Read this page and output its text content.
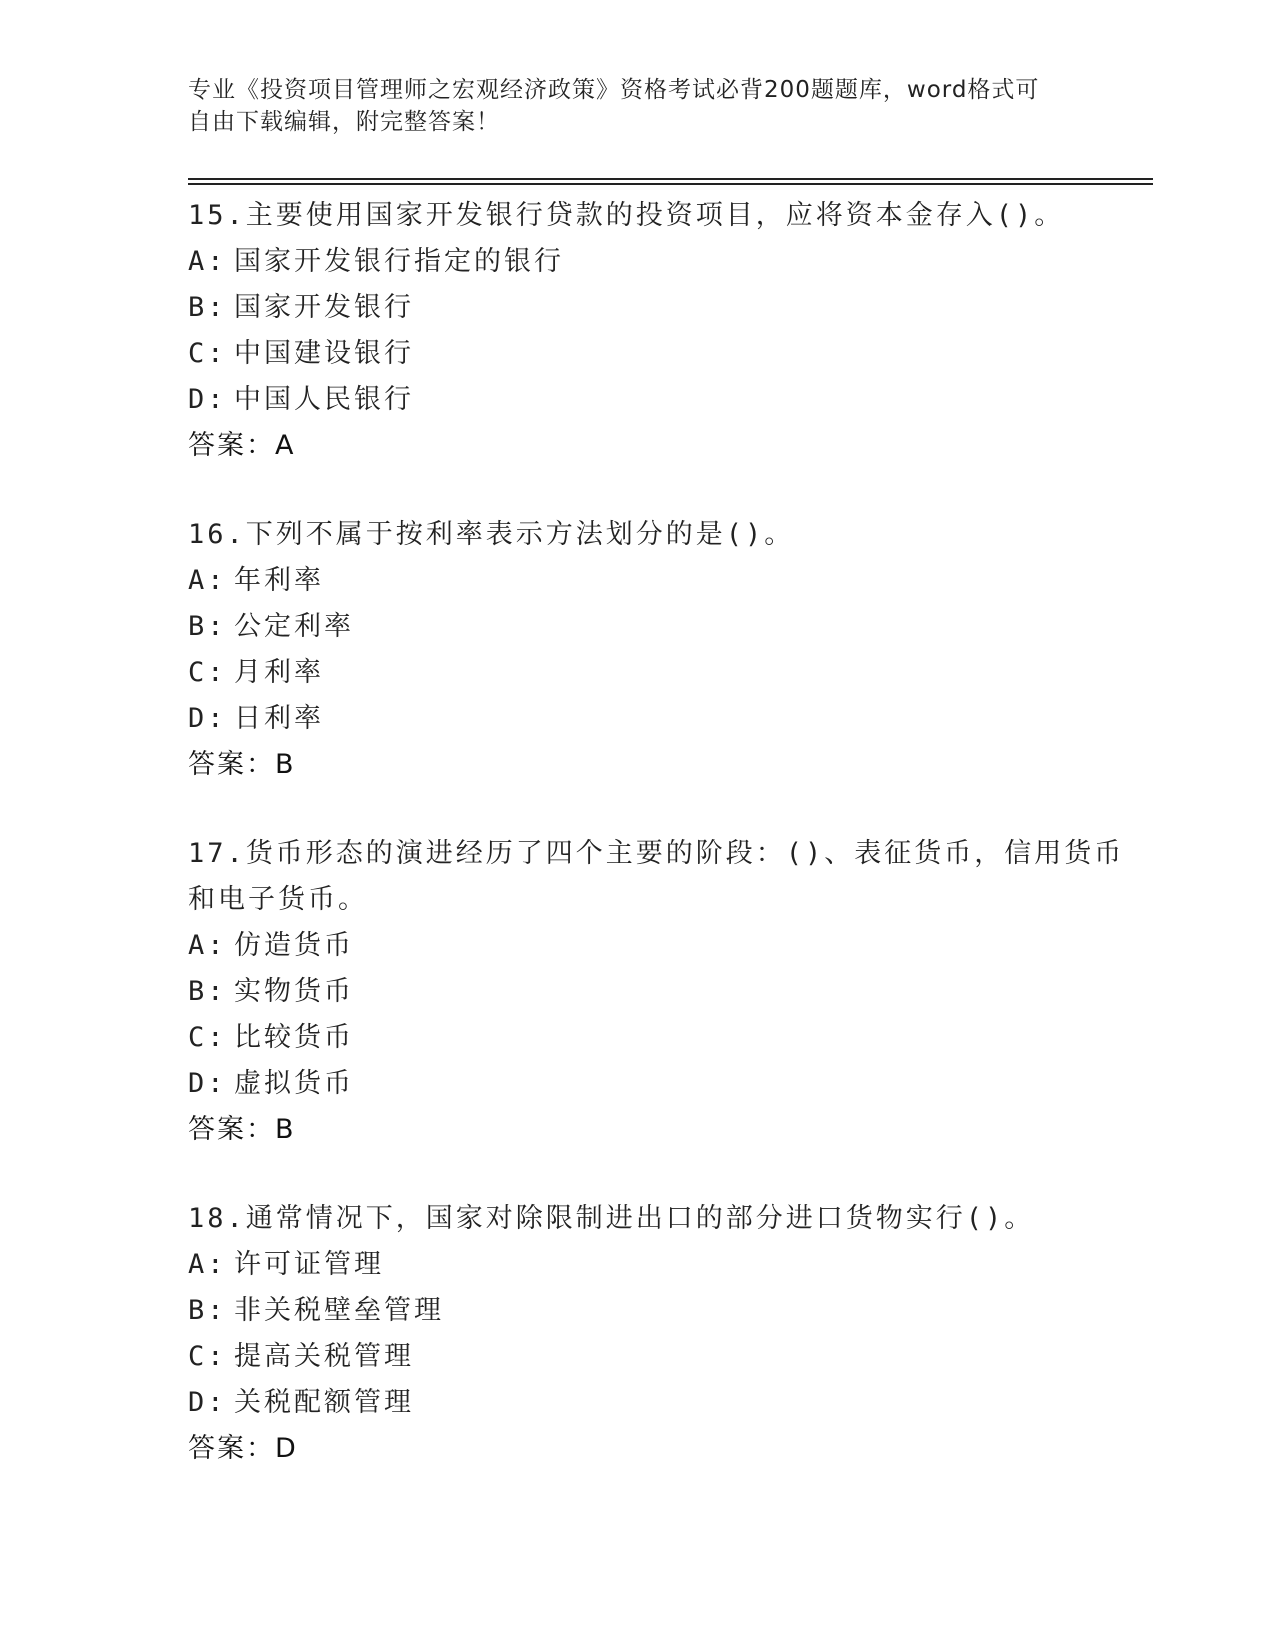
专业《投资项目管理师之宏观经济政策》资格考试必背200题题库，word格式可
自由下载编辑，附完整答案！
15.主要使用国家开发银行贷款的投资项目，应将资本金存入()。
A: 国家开发银行指定的银行
B: 国家开发银行
C: 中国建设银行
D: 中国人民银行
答案：A
16.下列不属于按利率表示方法划分的是()。
A: 年利率
B: 公定利率
C: 月利率
D: 日利率
答案：B
17.货币形态的演进经历了四个主要的阶段：()、表征货币，信用货币
和电子货币。
A: 仿造货币
B: 实物货币
C: 比较货币
D: 虚拟货币
答案：B
18.通常情况下，国家对除限制进出口的部分进口货物实行()。
A: 许可证管理
B: 非关税壁垒管理
C: 提高关税管理
D: 关税配额管理
答案：D
